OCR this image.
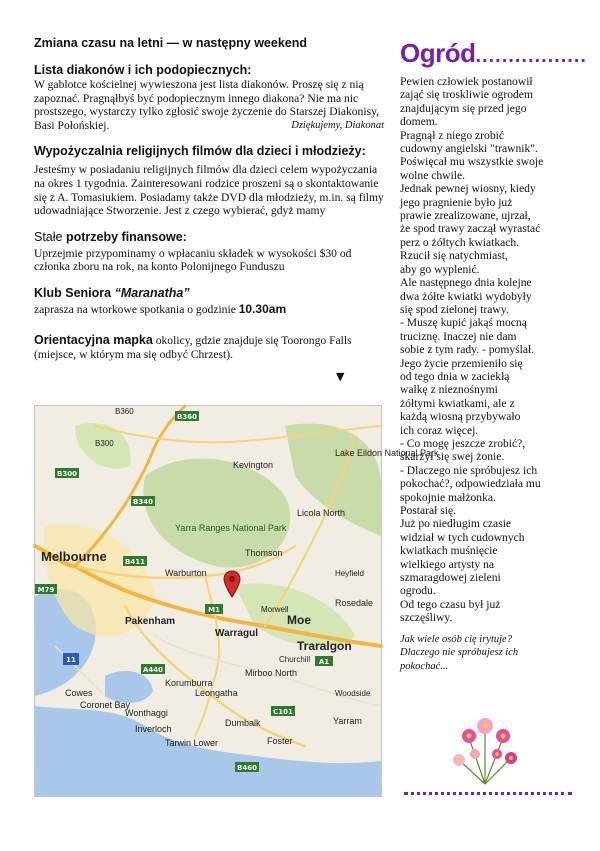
Zmiana czasu na letni — w następny weekend

Lista diakonów i ich podopiecznych:

W gablotce kościelnej wywieszona jest lista diakonów. Proszę się z nią zapoznać. Pragnąłbyś być podopiecznym innego diakona? Nie ma nic prostszego, wystarczy tylko zgłosić swoje życzenie do Starszej Diakonisy, Basi Połońskiej.	Dziękujemy, Diakonat

Wypożyczalnia religijnych filmów dla dzieci i młodzieży:

Jesteśmy w posiadaniu religijnych filmów dla dzieci celem wypożyczania na okres 1 tygodnia. Zainteresowani rodzice proszeni są o skontaktowanie się z A. Tomasiukiem. Posiadamy także DVD dla młodzieży, m.in. są filmy udowadniające Stworzenie. Jest z czego wybierać, gdyż mamy

Stałe potrzeby finansowe:

Uprzejmie przypominamy o wpłacaniu składek w wysokości $30 od członka zboru na rok, na konto Polonijnego Funduszu

Klub Seniora “Maranatha”

zaprasza na wtorkowe spotkania o godzinie 10.30am

Orientacyjna mapka okolicy, gdzie znajduje się Toorongo Falls (miejsce, w którym ma się odbyć Chrzest).

▼
B360
B300
B340
M1
A440
B460
A1
11
M79
B411
C101
B360
B300
Kevington
Lake Eildon National Park
Licola North
Yarra Ranges National Park
Melbourne	Thomson
Warburton
Pakenham	Moe
Traralgon
Warragul
Cowes	Leongatha
Yarram
Rosedale
Wonthaggi
Korumburra
Inverloch
Coronet Bay
Tarwin Lower
Dumbalk
Foster
Mirboo North
Morwell
Churchill
Woodside
Heyfield

Ogród.................

Pewien człowiek postanowił
zająć się troskliwie ogrodem
znajdującym się przed jego
domem.
Pragnął z niego zrobić
cudowny angielski "trawnik".
Poświęcał mu wszystkie swoje
wolne chwile.
Jednak pewnej wiosny, kiedy
jego pragnienie było już
prawie zrealizowane, ujrzał,
że spod trawy zaczął wyrastać
perz o żółtych kwiatkach.
Rzucił się natychmiast,
aby go wyplenić.
Ale następnego dnia kolejne
dwa żółte kwiatki wydobyły
się spod zielonej trawy.
- Muszę kupić jakąś mocną
truciznę. Inaczej nie dam
sobie z tym rady. - pomyślał.
Jego życie przemieniło się
od tego dnia w zaciekłą
walkę z nieznośnymi
żółtymi kwiatkami, ale z
każdą wiosną przybywało
ich coraz więcej.
- Co mogę jeszcze zrobić?,
skarżył się swej żonie.
- Dlaczego nie spróbujesz ich
pokochać?, odpowiedziała mu
spokojnie małżonka.
Postarał się.
Już po niedługim czasie
widział w tych cudownych
kwiatkach muśnięcie
wielkiego artysty na
szmaragdowej zieleni
ogrodu.
Od tego czasu był już
szczęśliwy.
Jak wiele osób cię irytuje?
Dlaczego nie spróbujesz ich
pokochać...
